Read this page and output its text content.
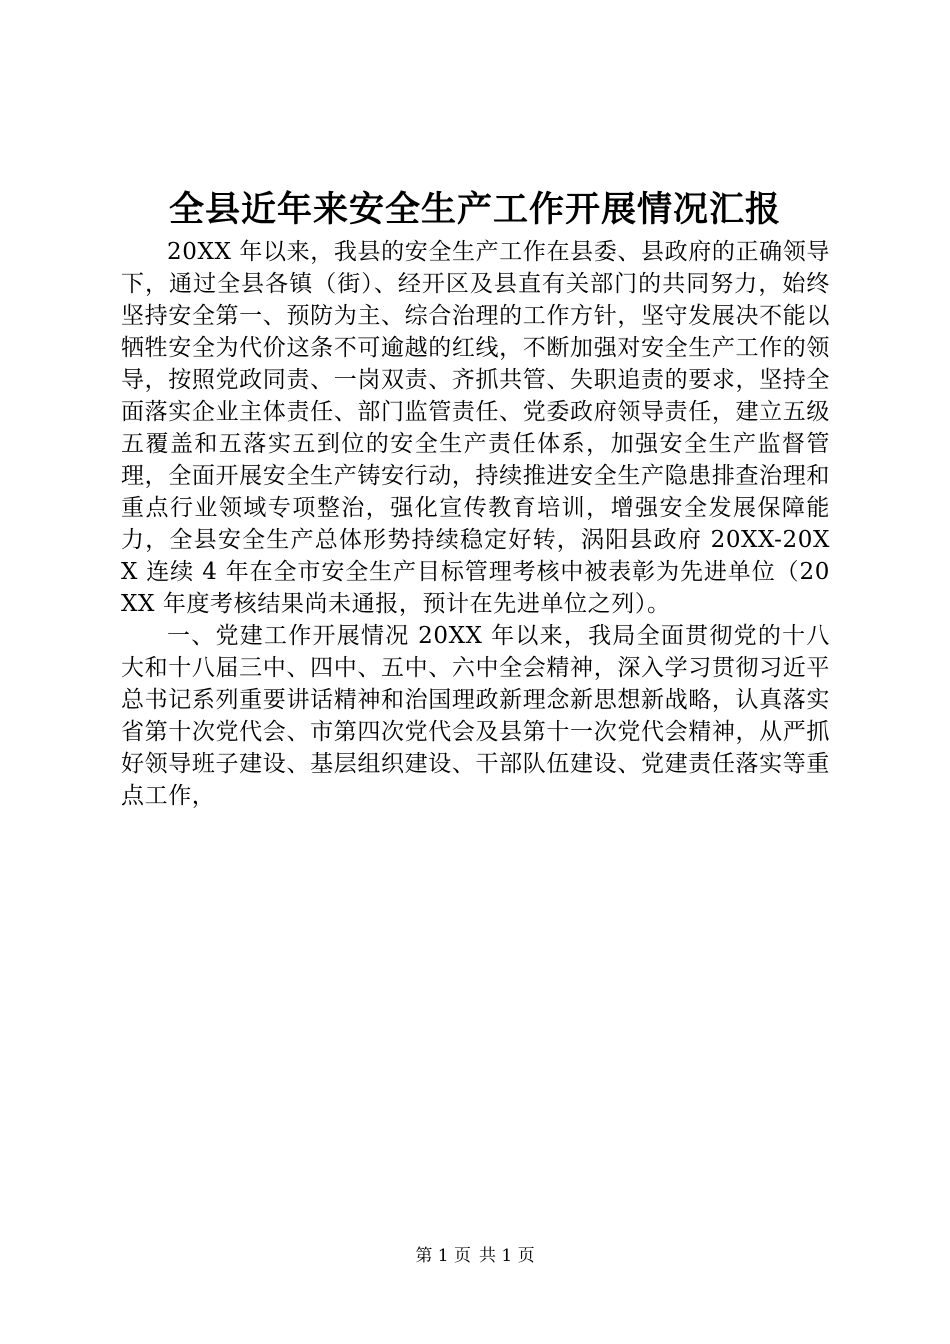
全县近年来安全生产工作开展情况汇报

20XX 年以来，我县的安全生产工作在县委、县政府的正确领导下，通过全县各镇（街）、经开区及县直有关部门的共同努力，始终坚持安全第一、预防为主、综合治理的工作方针，坚守发展决不能以牺牲安全为代价这条不可逾越的红线，不断加强对安全生产工作的领导，按照党政同责、一岗双责、齐抓共管、失职追责的要求，坚持全面落实企业主体责任、部门监管责任、党委政府领导责任，建立五级五覆盖和五落实五到位的安全生产责任体系，加强安全生产监督管理，全面开展安全生产铸安行动，持续推进安全生产隐患排查治理和重点行业领域专项整治，强化宣传教育培训，增强安全发展保障能力，全县安全生产总体形势持续稳定好转，涡阳县政府 20XX-20XX 连续 4 年在全市安全生产目标管理考核中被表彰为先进单位（20XX 年度考核结果尚未通报，预计在先进单位之列）。

一、党建工作开展情况 20XX 年以来，我局全面贯彻党的十八大和十八届三中、四中、五中、六中全会精神，深入学习贯彻习近平总书记系列重要讲话精神和治国理政新理念新思想新战略，认真落实省第十次党代会、市第四次党代会及县第十一次党代会精神，从严抓好领导班子建设、基层组织建设、干部队伍建设、党建责任落实等重点工作，

第 1 页 共 1 页
